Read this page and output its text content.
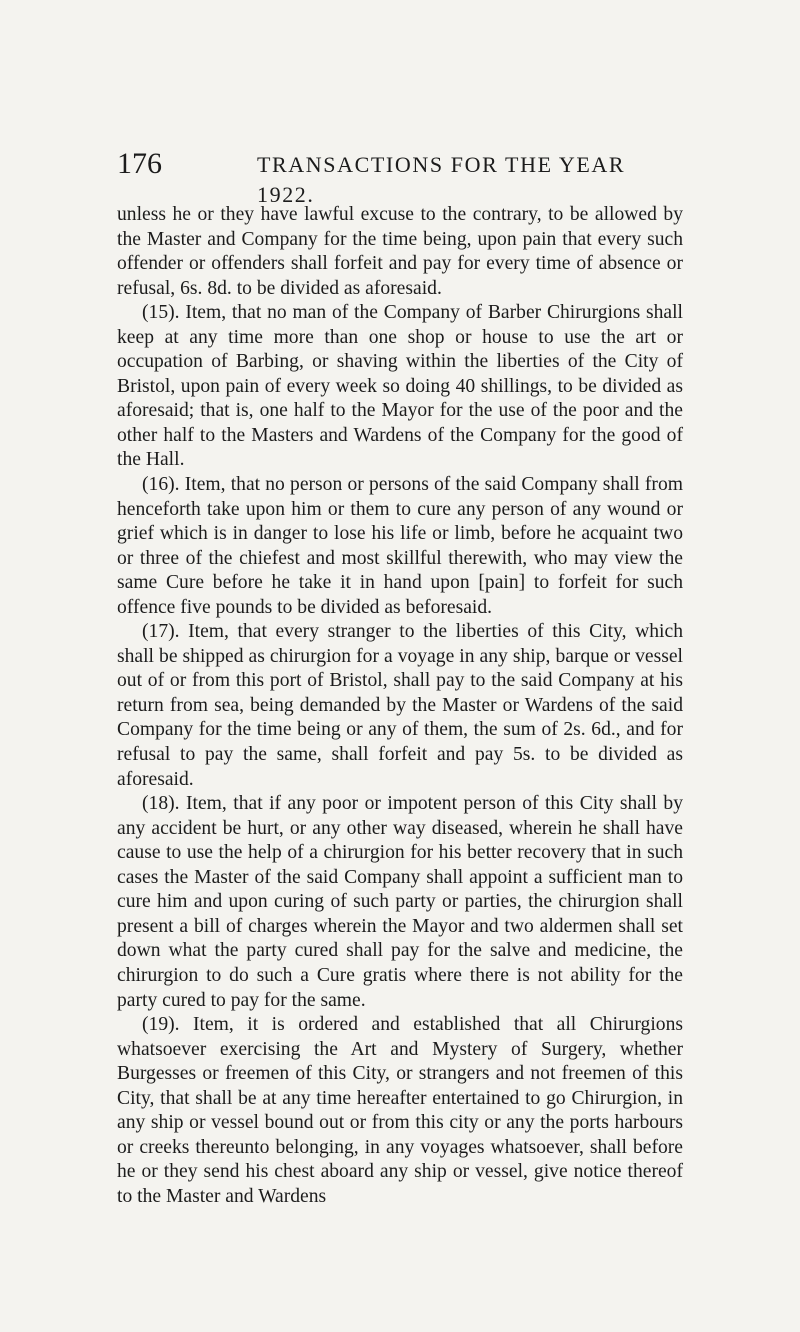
176	TRANSACTIONS FOR THE YEAR 1922.

unless he or they have lawful excuse to the contrary, to be allowed by the Master and Company for the time being, upon pain that every such offender or offenders shall forfeit and pay for every time of absence or refusal, 6s. 8d. to be divided as aforesaid.

(15). Item, that no man of the Company of Barber Chirurgions shall keep at any time more than one shop or house to use the art or occupation of Barbing, or shaving within the liberties of the City of Bristol, upon pain of every week so doing 40 shillings, to be divided as aforesaid; that is, one half to the Mayor for the use of the poor and the other half to the Masters and Wardens of the Company for the good of the Hall.

(16). Item, that no person or persons of the said Company shall from henceforth take upon him or them to cure any person of any wound or grief which is in danger to lose his life or limb, before he acquaint two or three of the chiefest and most skillful therewith, who may view the same Cure before he take it in hand upon [pain] to forfeit for such offence five pounds to be divided as beforesaid.

(17). Item, that every stranger to the liberties of this City, which shall be shipped as chirurgion for a voyage in any ship, barque or vessel out of or from this port of Bristol, shall pay to the said Company at his return from sea, being demanded by the Master or Wardens of the said Company for the time being or any of them, the sum of 2s. 6d., and for refusal to pay the same, shall forfeit and pay 5s. to be divided as aforesaid.

(18). Item, that if any poor or impotent person of this City shall by any accident be hurt, or any other way diseased, wherein he shall have cause to use the help of a chirurgion for his better recovery that in such cases the Master of the said Company shall appoint a sufficient man to cure him and upon curing of such party or parties, the chirurgion shall present a bill of charges wherein the Mayor and two aldermen shall set down what the party cured shall pay for the salve and medicine, the chirurgion to do such a Cure gratis where there is not ability for the party cured to pay for the same.

(19). Item, it is ordered and established that all Chirurgions whatsoever exercising the Art and Mystery of Surgery, whether Burgesses or freemen of this City, or strangers and not freemen of this City, that shall be at any time hereafter entertained to go Chirurgion, in any ship or vessel bound out or from this city or any the ports harbours or creeks thereunto belonging, in any voyages whatsoever, shall before he or they send his chest aboard any ship or vessel, give notice thereof to the Master and Wardens
